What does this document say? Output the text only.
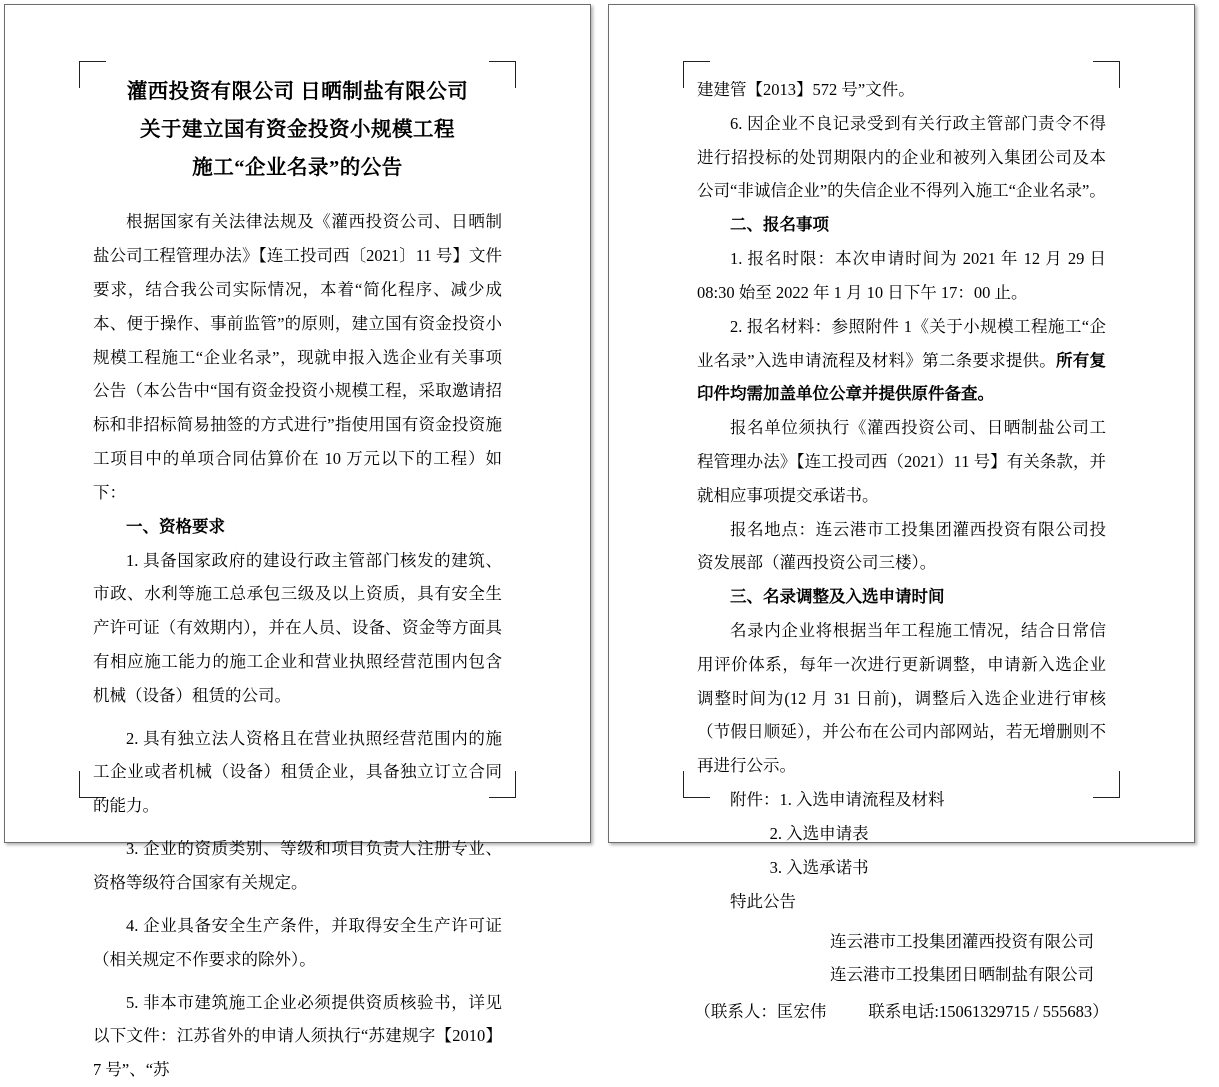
灌西投资有限公司 日晒制盐有限公司
关于建立国有资金投资小规模工程
施工“企业名录”的公告

根据国家有关法律法规及《灌西投资公司、日晒制盐公司工程管理办法》【连工投司西〔2021〕11 号】文件要求，结合我公司实际情况，本着“简化程序、减少成本、便于操作、事前监管”的原则，建立国有资金投资小规模工程施工“企业名录”，现就申报入选企业有关事项公告（本公告中“国有资金投资小规模工程，采取邀请招标和非招标简易抽签的方式进行”指使用国有资金投资施工项目中的单项合同估算价在 10 万元以下的工程）如下：

一、资格要求

1. 具备国家政府的建设行政主管部门核发的建筑、市政、水利等施工总承包三级及以上资质，具有安全生产许可证（有效期内），并在人员、设备、资金等方面具有相应施工能力的施工企业和营业执照经营范围内包含机械（设备）租赁的公司。

2. 具有独立法人资格且在营业执照经营范围内的施工企业或者机械（设备）租赁企业，具备独立订立合同的能力。

3. 企业的资质类别、等级和项目负责人注册专业、资格等级符合国家有关规定。

4. 企业具备安全生产条件，并取得安全生产许可证（相关规定不作要求的除外）。

5. 非本市建筑施工企业必须提供资质核验书，详见以下文件：江苏省外的申请人须执行“苏建规字【2010】7 号”、“苏

建建管【2013】572 号”文件。

6. 因企业不良记录受到有关行政主管部门责令不得进行招投标的处罚期限内的企业和被列入集团公司及本公司“非诚信企业”的失信企业不得列入施工“企业名录”。

二、报名事项

1. 报名时限：本次申请时间为 2021 年 12 月 29 日 08:30 始至 2022 年 1 月 10 日下午 17：00 止。

2. 报名材料：参照附件 1《关于小规模工程施工“企业名录”入选申请流程及材料》第二条要求提供。所有复印件均需加盖单位公章并提供原件备查。

报名单位须执行《灌西投资公司、日晒制盐公司工程管理办法》【连工投司西（2021）11 号】有关条款，并就相应事项提交承诺书。

报名地点：连云港市工投集团灌西投资有限公司投资发展部（灌西投资公司三楼）。

三、名录调整及入选申请时间

名录内企业将根据当年工程施工情况，结合日常信用评价体系，每年一次进行更新调整，申请新入选企业调整时间为(12 月 31 日前)，调整后入选企业进行审核（节假日顺延），并公布在公司内部网站，若无增删则不再进行公示。

附件：1. 入选申请流程及材料

2. 入选申请表

3. 入选承诺书

特此公告

连云港市工投集团灌西投资有限公司
连云港市工投集团日晒制盐有限公司
（联系人：匡宏伟	联系电话:15061329715 / 555683）
